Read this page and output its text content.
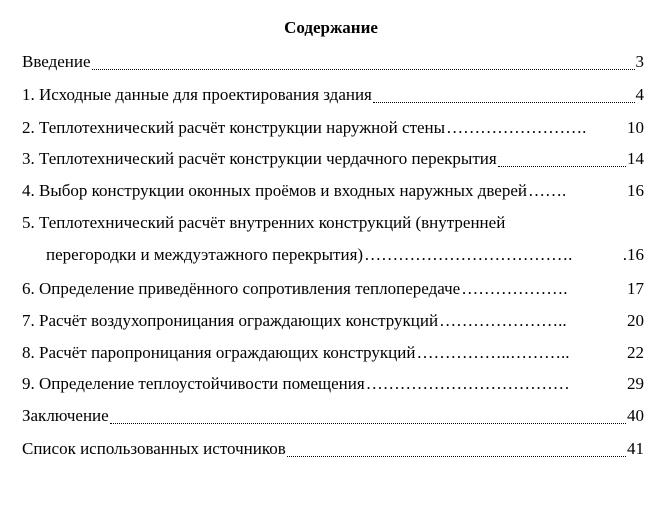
Содержание
Введение	3
1. Исходные данные для проектирования здания	4
2. Теплотехнический расчёт конструкции наружной стены …………………….	10
3. Теплотехнический расчёт конструкции чердачного перекрытия	14
4. Выбор конструкции оконных проёмов и входных наружных дверей …….	16
5. Теплотехнический расчёт внутренних конструкций (внутренней
перегородки и междуэтажного перекрытия) ……………………………….	.16
6. Определение приведённого сопротивления теплопередаче ……………….	17
7. Расчёт воздухопроницания ограждающих конструкций …………………..	20
8. Расчёт паропроницания ограждающих конструкций ……………..………..	22
9. Определение теплоустойчивости помещения ………………………………	29
Заключение	40
Список использованных источников	41
